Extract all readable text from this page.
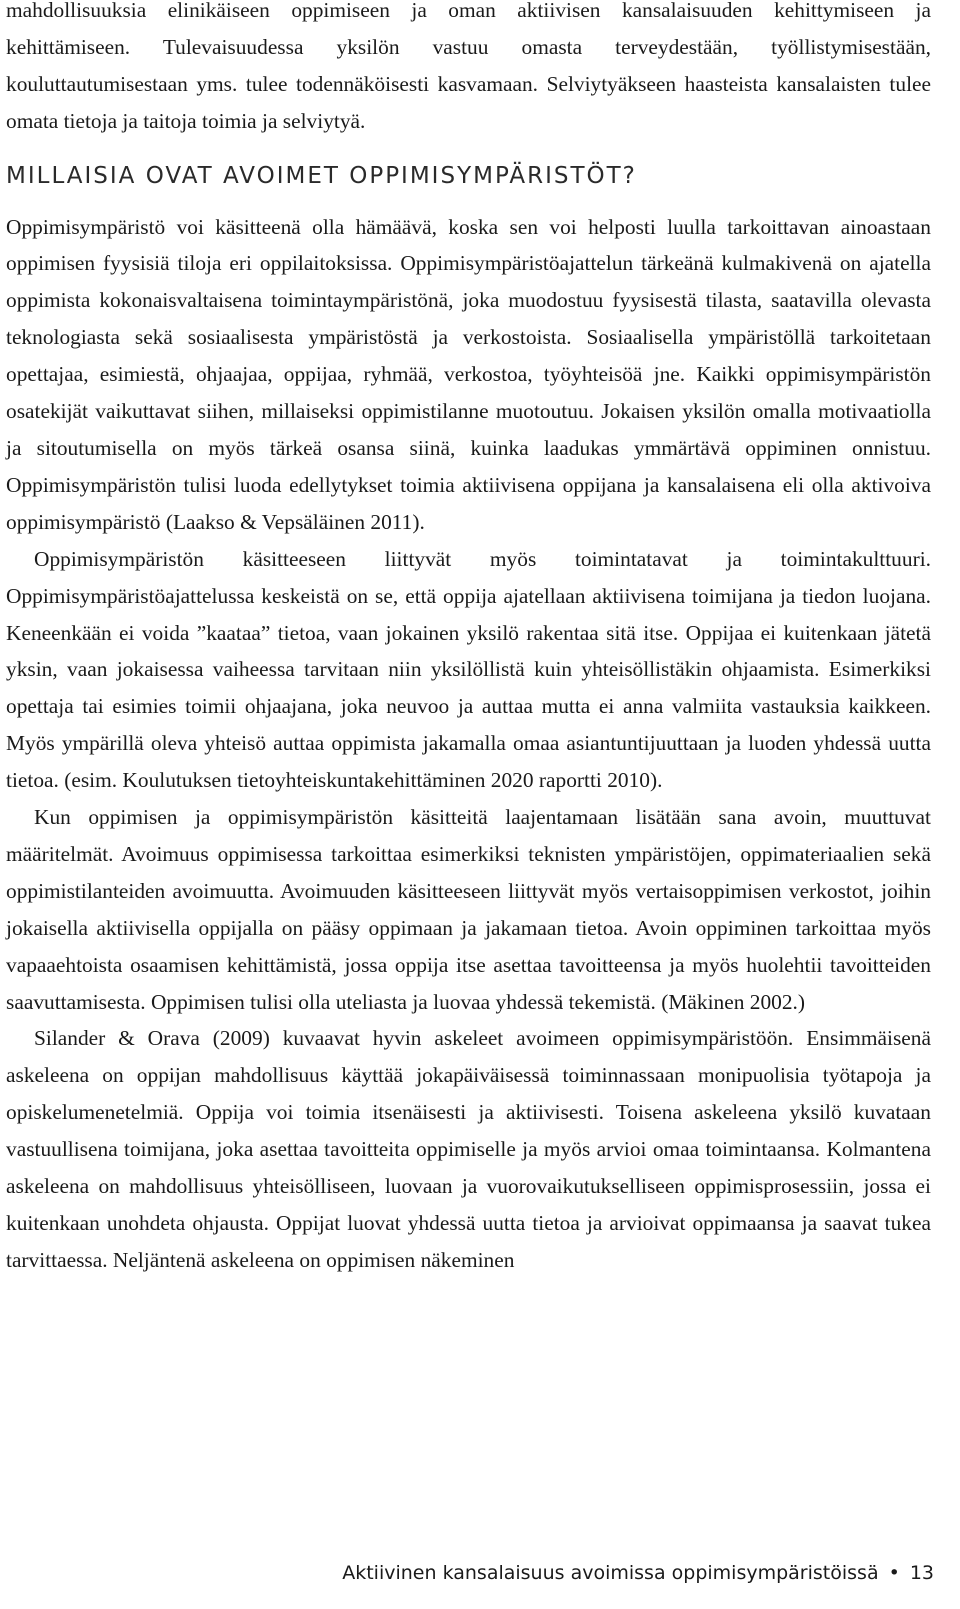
mahdollisuuksia elinikäiseen oppimiseen ja oman aktiivisen kansalaisuuden kehittymiseen ja kehittämiseen. Tulevaisuudessa yksilön vastuu omasta terveydestään, työllistymisestään, kouluttautumisestaan yms. tulee todennäköisesti kasvamaan. Selviytyäkseen haasteista kansalaisten tulee omata tietoja ja taitoja toimia ja selviytyä.

MILLAISIA OVAT AVOIMET OPPIMISYMPÄRISTÖT?

Oppimisympäristö voi käsitteenä olla hämäävä, koska sen voi helposti luulla tarkoittavan ainoastaan oppimisen fyysisiä tiloja eri oppilaitoksissa. Oppimisympäristöajattelun tärkeänä kulmakivenä on ajatella oppimista kokonaisvaltaisena toimintaympäristönä, joka muodostuu fyysisestä tilasta, saatavilla olevasta teknologiasta sekä sosiaalisesta ympäristöstä ja verkostoista. Sosiaalisella ympäristöllä tarkoitetaan opettajaa, esimiestä, ohjaajaa, oppijaa, ryhmää, verkostoa, työyhteisöä jne. Kaikki oppimisympäristön osatekijät vaikuttavat siihen, millaiseksi oppimistilanne muotoutuu. Jokaisen yksilön omalla motivaatiolla ja sitoutumisella on myös tärkeä osansa siinä, kuinka laadukas ymmärtävä oppiminen onnistuu. Oppimisympäristön tulisi luoda edellytykset toimia aktiivisena oppijana ja kansalaisena eli olla aktivoiva oppimisympäristö (Laakso & Vepsäläinen 2011).

Oppimisympäristön käsitteeseen liittyvät myös toimintatavat ja toimintakulttuuri. Oppimisympäristöajattelussa keskeistä on se, että oppija ajatellaan aktiivisena toimijana ja tiedon luojana. Keneenkään ei voida ”kaataa” tietoa, vaan jokainen yksilö rakentaa sitä itse. Oppijaa ei kuitenkaan jätetä yksin, vaan jokaisessa vaiheessa tarvitaan niin yksilöllistä kuin yhteisöllistäkin ohjaamista. Esimerkiksi opettaja tai esimies toimii ohjaajana, joka neuvoo ja auttaa mutta ei anna valmiita vastauksia kaikkeen. Myös ympärillä oleva yhteisö auttaa oppimista jakamalla omaa asiantuntijuuttaan ja luoden yhdessä uutta tietoa. (esim. Koulutuksen tietoyhteiskuntakehittäminen 2020 raportti 2010).

Kun oppimisen ja oppimisympäristön käsitteitä laajentamaan lisätään sana avoin, muuttuvat määritelmät. Avoimuus oppimisessa tarkoittaa esimerkiksi teknisten ympäristöjen, oppimateriaalien sekä oppimistilanteiden avoimuutta. Avoimuuden käsitteeseen liittyvät myös vertaisoppimisen verkostot, joihin jokaisella aktiivisella oppijalla on pääsy oppimaan ja jakamaan tietoa. Avoin oppiminen tarkoittaa myös vapaaehtoista osaamisen kehittämistä, jossa oppija itse asettaa tavoitteensa ja myös huolehtii tavoitteiden saavuttamisesta. Oppimisen tulisi olla uteliasta ja luovaa yhdessä tekemistä. (Mäkinen 2002.)

Silander & Orava (2009) kuvaavat hyvin askeleet avoimeen oppimisympäristöön. Ensimmäisenä askeleena on oppijan mahdollisuus käyttää jokapäiväisessä toiminnassaan monipuolisia työtapoja ja opiskelumenetelmiä. Oppija voi toimia itsenäisesti ja aktiivisesti. Toisena askeleena yksilö kuvataan vastuullisena toimijana, joka asettaa tavoitteita oppimiselle ja myös arvioi omaa toimintaansa. Kolmantena askeleena on mahdollisuus yhteisölliseen, luovaan ja vuorovaikutukselliseen oppimisprosessiin, jossa ei kuitenkaan unohdeta ohjausta. Oppijat luovat yhdessä uutta tietoa ja arvioivat oppimaansa ja saavat tukea tarvittaessa. Neljäntenä askeleena on oppimisen näkeminen

Aktiivinen kansalaisuus avoimissa oppimisympäristöissä • 13
